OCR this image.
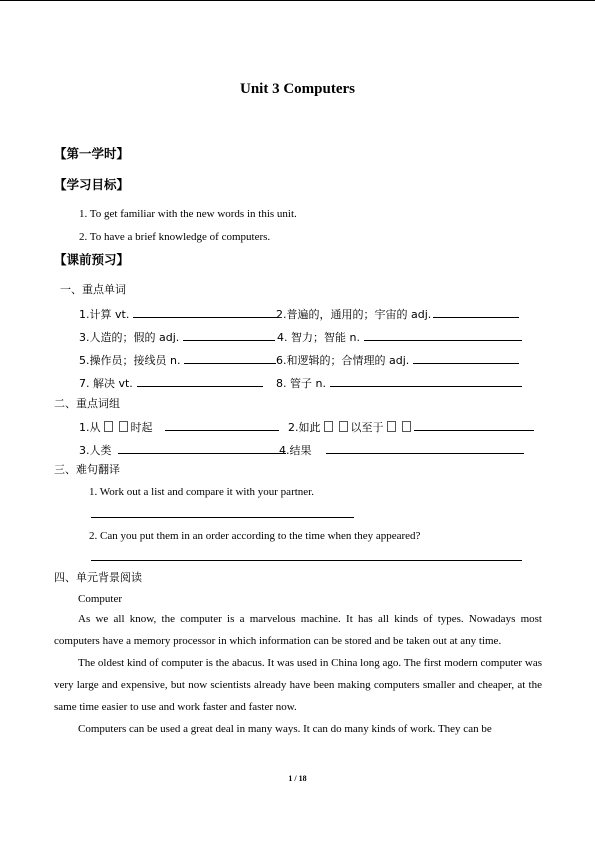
Unit 3 Computers
【第一学时】
【学习目标】
1. To get familiar with the new words in this unit.
2. To have a brief knowledge of computers.
【课前预习】
一、重点单词
1.计算 vt.	2.普遍的，通用的；宇宙的 adj.
3.人造的；假的 adj.	4. 智力；智能 n.
5.操作员；接线员 n.	6.和逻辑的；合情理的 adj.
7. 解决 vt.	8. 管子 n.
二、重点词组
1.从	时起	2.如此	以至于
3.人类	4.结果
三、难句翻译
1. Work out a list and compare it with your partner.
2. Can you put them in an order according to the time when they appeared?
四、单元背景阅读
Computer

As we all know, the computer is a marvelous machine. It has all kinds of types. Nowadays most computers have a memory processor in which information can be stored and be taken out at any time.

The oldest kind of computer is the abacus. It was used in China long ago. The first modern computer was very large and expensive, but now scientists already have been making computers smaller and cheaper, at the same time easier to use and work faster and faster now.

Computers can be used a great deal in many ways. It can do many kinds of work. They can be

1 / 18
